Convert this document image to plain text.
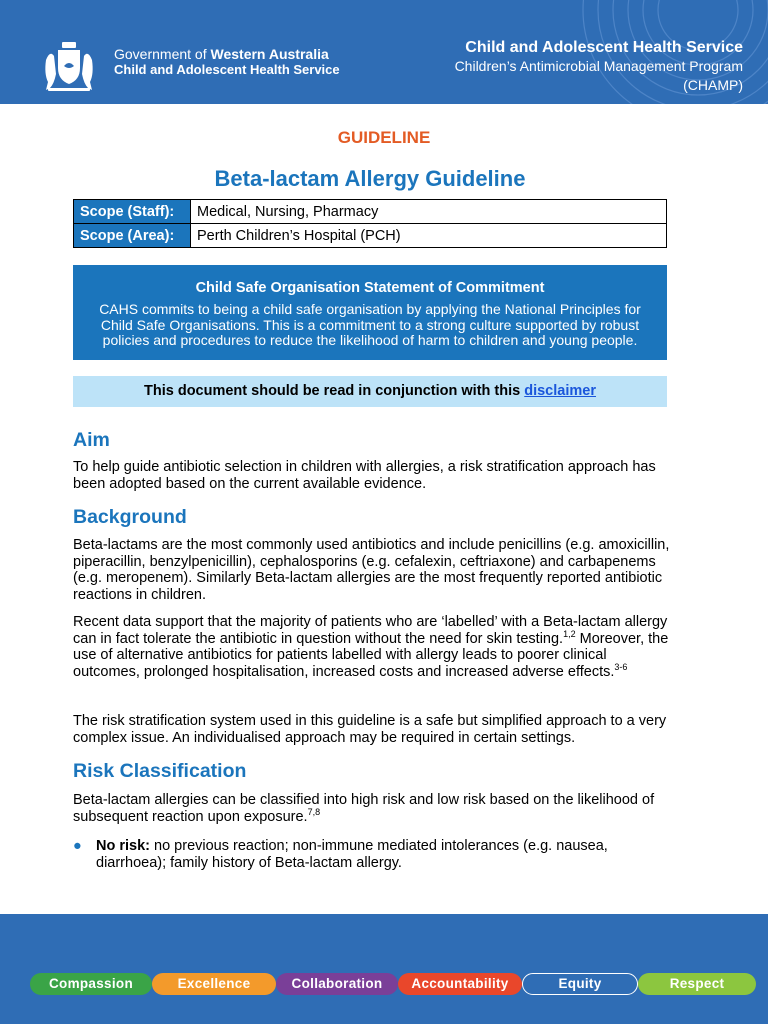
Government of Western Australia
Child and Adolescent Health Service
Child and Adolescent Health Service
Children’s Antimicrobial Management Program
(CHAMP)
GUIDELINE
Beta-lactam Allergy Guideline
Scope (Staff):	Medical, Nursing, Pharmacy
Scope (Area):	Perth Children’s Hospital (PCH)
Child Safe Organisation Statement of Commitment
CAHS commits to being a child safe organisation by applying the National Principles for
Child Safe Organisations. This is a commitment to a strong culture supported by robust
policies and procedures to reduce the likelihood of harm to children and young people.
This document should be read in conjunction with this disclaimer
Aim
To help guide antibiotic selection in children with allergies, a risk stratification approach has been adopted based on the current available evidence.
Background
Beta-lactams are the most commonly used antibiotics and include penicillins (e.g. amoxicillin, piperacillin, benzylpenicillin), cephalosporins (e.g. cefalexin, ceftriaxone) and carbapenems (e.g. meropenem). Similarly Beta-lactam allergies are the most frequently reported antibiotic reactions in children.
Recent data support that the majority of patients who are ‘labelled’ with a Beta-lactam allergy can in fact tolerate the antibiotic in question without the need for skin testing.$^{1,2}$ Moreover, the use of alternative antibiotics for patients labelled with allergy leads to poorer clinical outcomes, prolonged hospitalisation, increased costs and increased adverse effects.$^{3-6}$
The risk stratification system used in this guideline is a safe but simplified approach to a very complex issue. An individualised approach may be required in certain settings.
Risk Classification
Beta-lactam allergies can be classified into high risk and low risk based on the likelihood of subsequent reaction upon exposure.$^{7,8}$
● No risk: no previous reaction; non-immune mediated intolerances (e.g. nausea, diarrhoea); family history of Beta-lactam allergy.
Compassion	Excellence	Collaboration	Accountability	Equity	Respect
